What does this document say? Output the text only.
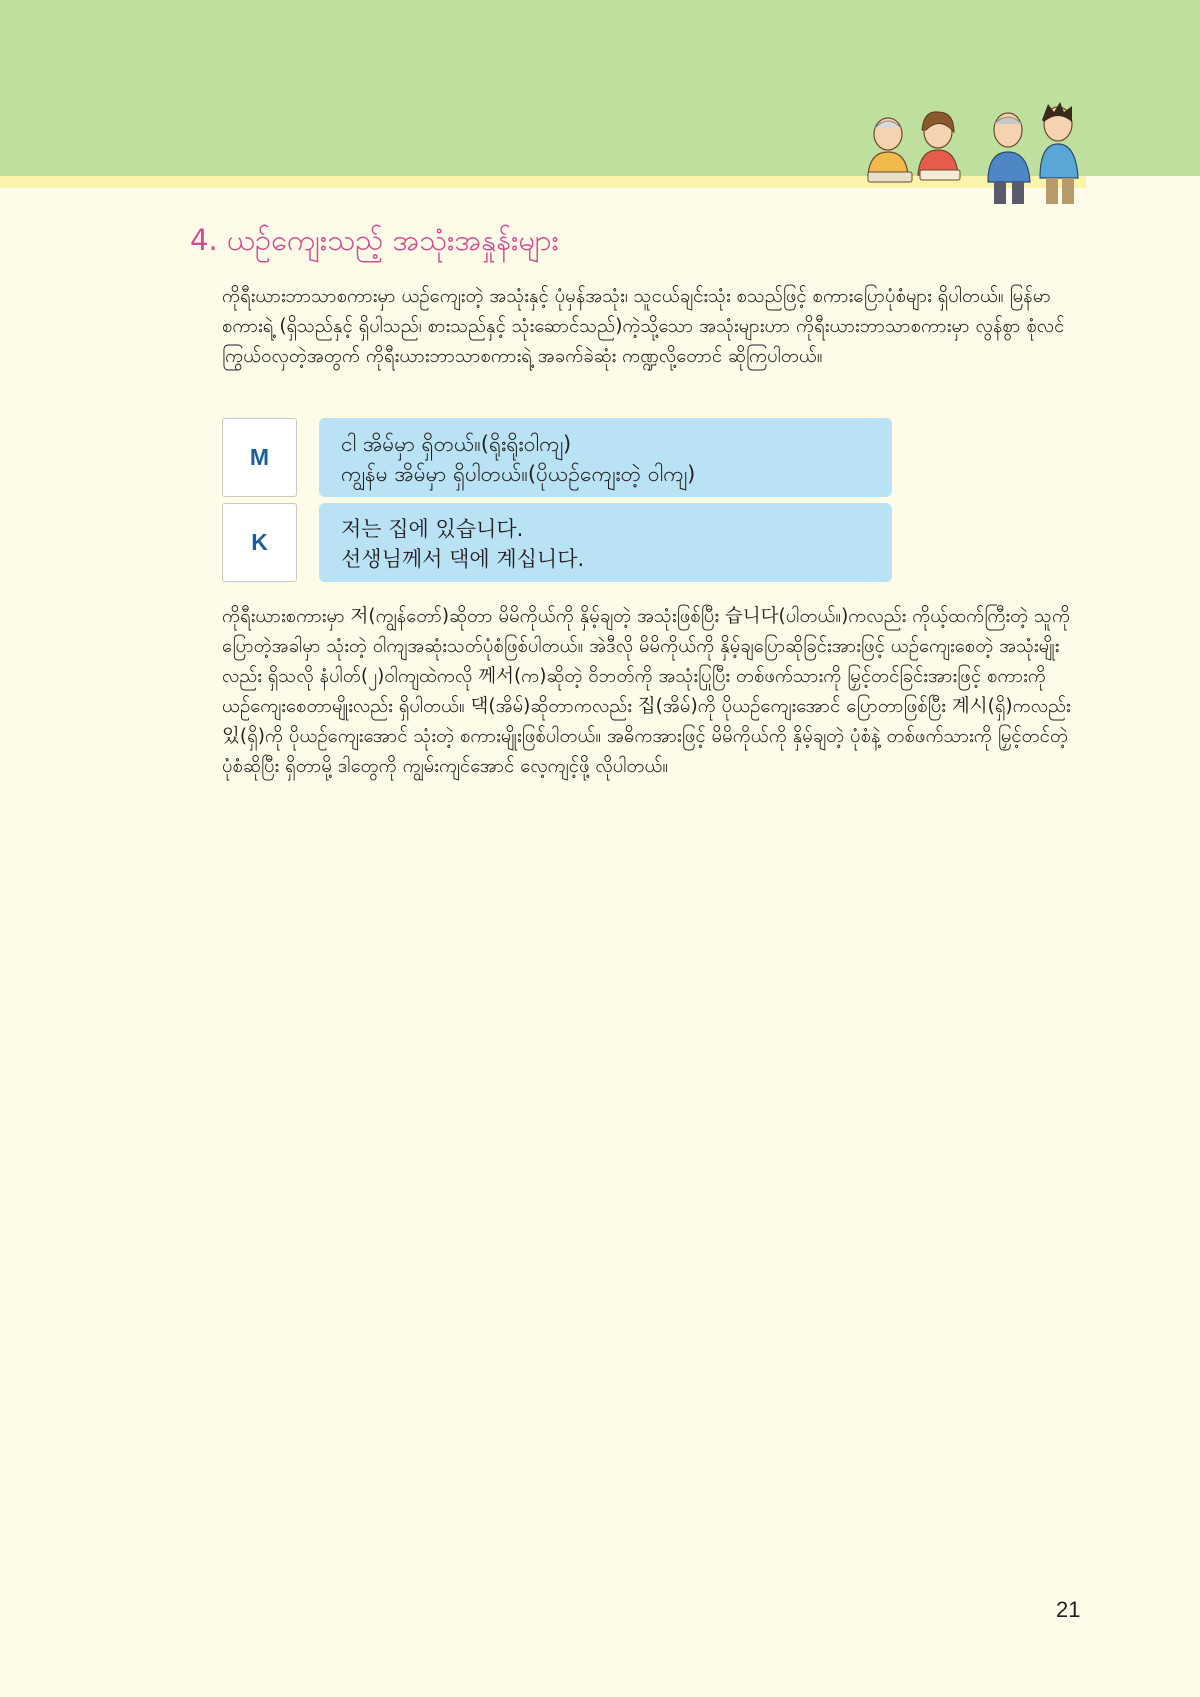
4. ယဉ်ကျေးသည့် အသုံးအနှုန်းများ

ကိုရီးယားဘာသာစကားမှာ ယဉ်ကျေးတဲ့ အသုံးနှင့် ပုံမှန်အသုံး၊ သူငယ်ချင်းသုံး စသည်ဖြင့် စကားပြောပုံစံများ ရှိပါတယ်။ မြန်မာစကားရဲ့ (ရှိသည်နှင့် ရှိပါသည်၊ စားသည်နှင့် သုံးဆောင်သည်)ကဲ့သို့သော အသုံးများဟာ ကိုရီးယားဘာသာစကားမှာ လွန်စွာ စုံလင်ကြွယ်ဝလှတဲ့အတွက် ကိုရီးယားဘာသာစကားရဲ့ အခက်ခဲဆုံး ကဏ္ဍလို့တောင် ဆိုကြပါတယ်။

M	ငါ အိမ်မှာ ရှိတယ်။(ရိုးရိုးဝါကျ)
ကျွန်မ အိမ်မှာ ရှိပါတယ်။(ပိုယဉ်ကျေးတဲ့ ဝါကျ)
K	저는 집에 있습니다.
선생님께서 댁에 계십니다.

ကိုရီးယားစကားမှာ 저(ကျွန်တော်)ဆိုတာ မိမိကိုယ်ကို နှိမ့်ချတဲ့ အသုံးဖြစ်ပြီး 습니다(ပါတယ်။)ကလည်း ကိုယ့်ထက်ကြီးတဲ့ သူကို ပြောတဲ့အခါမှာ သုံးတဲ့ ဝါကျအဆုံးသတ်ပုံစံဖြစ်ပါတယ်။ အဲဒီလို မိမိကိုယ်ကို နှိမ့်ချပြောဆိုခြင်းအားဖြင့် ယဉ်ကျေးစေတဲ့ အသုံးမျိုးလည်း ရှိသလို နံပါတ်(၂)ဝါကျထဲကလို 께서(က)ဆိုတဲ့ ဝိဘတ်ကို အသုံးပြုပြီး တစ်ဖက်သားကို မြှင့်တင်ခြင်းအားဖြင့် စကားကို ယဉ်ကျေးစေတာမျိုးလည်း ရှိပါတယ်။ 댁(အိမ်)ဆိုတာကလည်း 집(အိမ်)ကို ပိုယဉ်ကျေးအောင် ပြောတာဖြစ်ပြီး 계시(ရှိ)ကလည်း 있(ရှိ)ကို ပိုယဉ်ကျေးအောင် သုံးတဲ့ စကားမျိုးဖြစ်ပါတယ်။ အဓိကအားဖြင့် မိမိကိုယ်ကို နှိမ့်ချတဲ့ ပုံစံနဲ့ တစ်ဖက်သားကို မြှင့်တင်တဲ့ ပုံစံဆိုပြီး ရှိတာမို့ ဒါတွေကို ကျွမ်းကျင်အောင် လေ့ကျင့်ဖို့ လိုပါတယ်။

21
